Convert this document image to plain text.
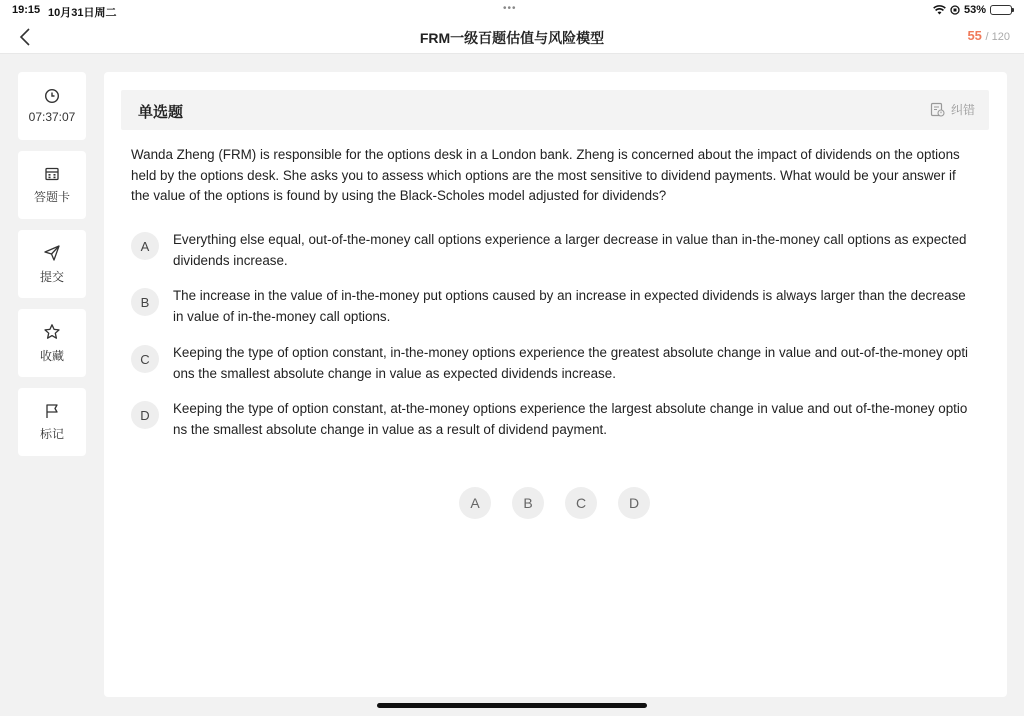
19:15 10月31日周二	•••	53%
FRM一级百题估值与风险模型	55 / 120
07:37:07
答题卡
提交
收藏
标记
单选题	纠错
Wanda Zheng (FRM) is responsible for the options desk in a London bank. Zheng is concerned about the impact of dividends on the options held by the options desk. She asks you to assess which options are the most sensitive to dividend payments. What would be your answer if the value of the options is found by using the Black-Scholes model adjusted for dividends?
A	Everything else equal, out-of-the-money call options experience a larger decrease in value than in-the-money call options as expected dividends increase.
B	The increase in the value of in-the-money put options caused by an increase in expected dividends is always larger than the decrease in value of in-the-money call options.
C	Keeping the type of option constant, in-the-money options experience the greatest absolute change in value and out-of-the-money options the smallest absolute change in value as expected dividends increase.
D	Keeping the type of option constant, at-the-money options experience the largest absolute change in value and out of-the-money options the smallest absolute change in value as a result of dividend payment.
A	B	C	D
